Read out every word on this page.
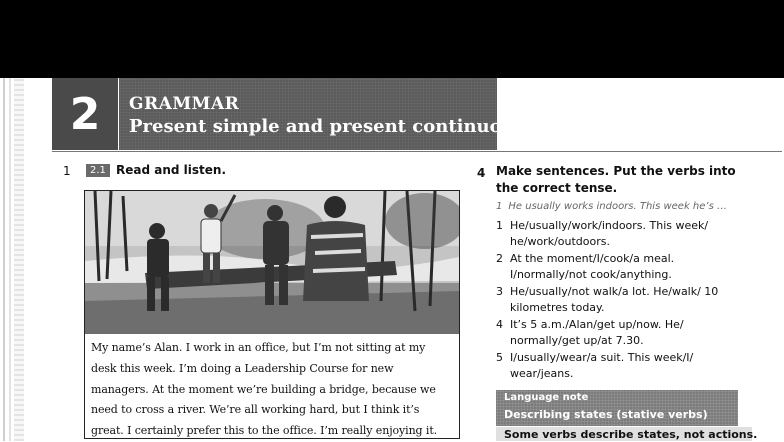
2	GRAMMAR
Present simple and present continuous
1	2.1 Read and listen.

My name’s Alan. I work in an office, but I’m not sitting at my desk this week. I’m doing a Leadership Course for new managers. At the moment we’re building a bridge, because we need to cross a river. We’re all working hard, but I think it’s great. I certainly prefer this to the office. I’m really enjoying it.

4 Make sentences. Put the verbs into the correct tense.
1 He usually works indoors. This week he’s …
1 He/usually/work/indoors. This week/ he/work/outdoors.
2 At the moment/I/cook/a meal. I/normally/not cook/anything.
3 He/usually/not walk/a lot. He/walk/ 10 kilometres today.
4 It’s 5 a.m./Alan/get up/now. He/ normally/get up/at 7.30.
5 I/usually/wear/a suit. This week/I/ wear/jeans.
Language note
Describing states (stative verbs)
Some verbs describe states, not actions.
